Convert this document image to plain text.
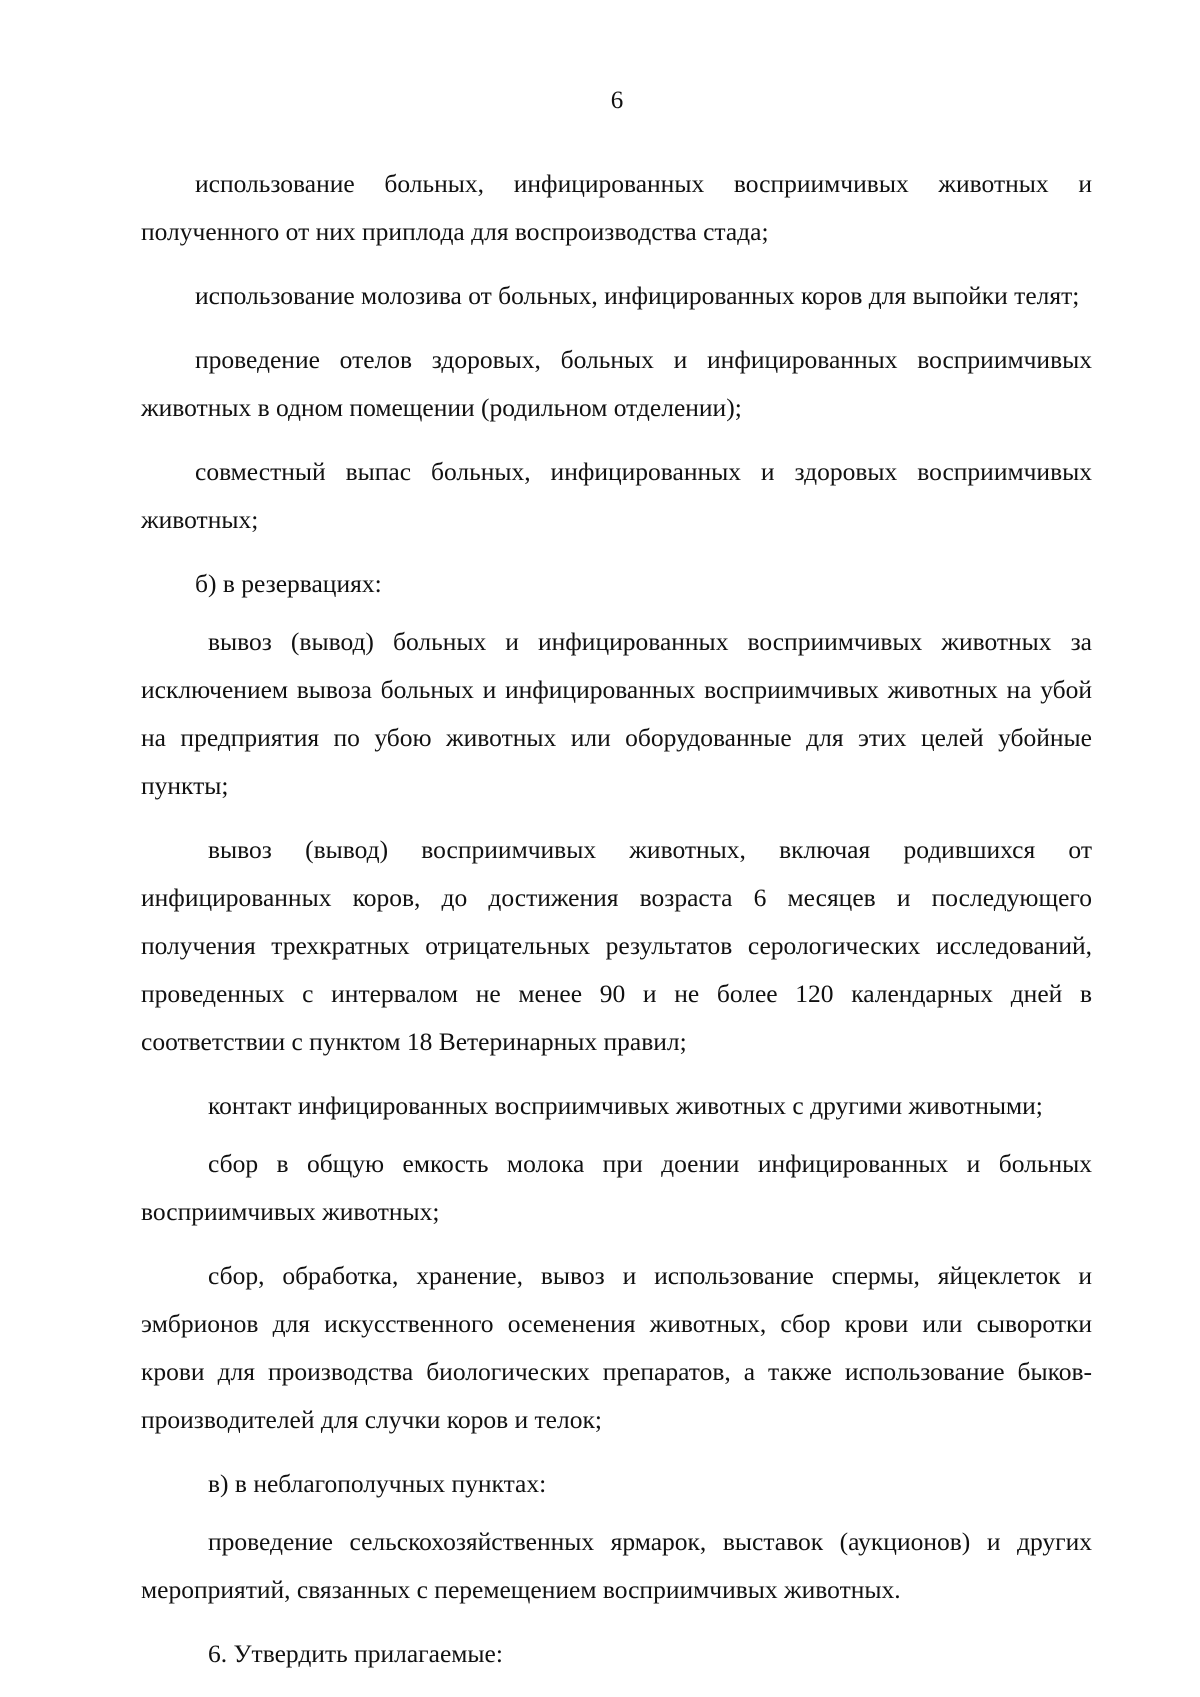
6

использование больных, инфицированных восприимчивых животных и полученного от них приплода для воспроизводства стада;

использование молозива от больных, инфицированных коров для выпойки телят;

проведение отелов здоровых, больных и инфицированных восприимчивых животных в одном помещении (родильном отделении);

совместный выпас больных, инфицированных и здоровых восприимчивых животных;

б) в резервациях:

вывоз (вывод) больных и инфицированных восприимчивых животных за исключением вывоза больных и инфицированных восприимчивых животных на убой на предприятия по убою животных или оборудованные для этих целей убойные пункты;

вывоз (вывод) восприимчивых животных, включая родившихся от инфицированных коров, до достижения возраста 6 месяцев и последующего получения трехкратных отрицательных результатов серологических исследований, проведенных с интервалом не менее 90 и не более 120 календарных дней в соответствии с пунктом 18 Ветеринарных правил;

контакт инфицированных восприимчивых животных с другими животными;

сбор в общую емкость молока при доении инфицированных и больных восприимчивых животных;

сбор, обработка, хранение, вывоз и использование спермы, яйцеклеток и эмбрионов для искусственного осеменения животных, сбор крови или сыворотки крови для производства биологических препаратов, а также использование быков-производителей для случки коров и телок;

в) в неблагополучных пунктах:

проведение сельскохозяйственных ярмарок, выставок (аукционов) и других мероприятий, связанных с перемещением восприимчивых животных.

6. Утвердить прилагаемые:
